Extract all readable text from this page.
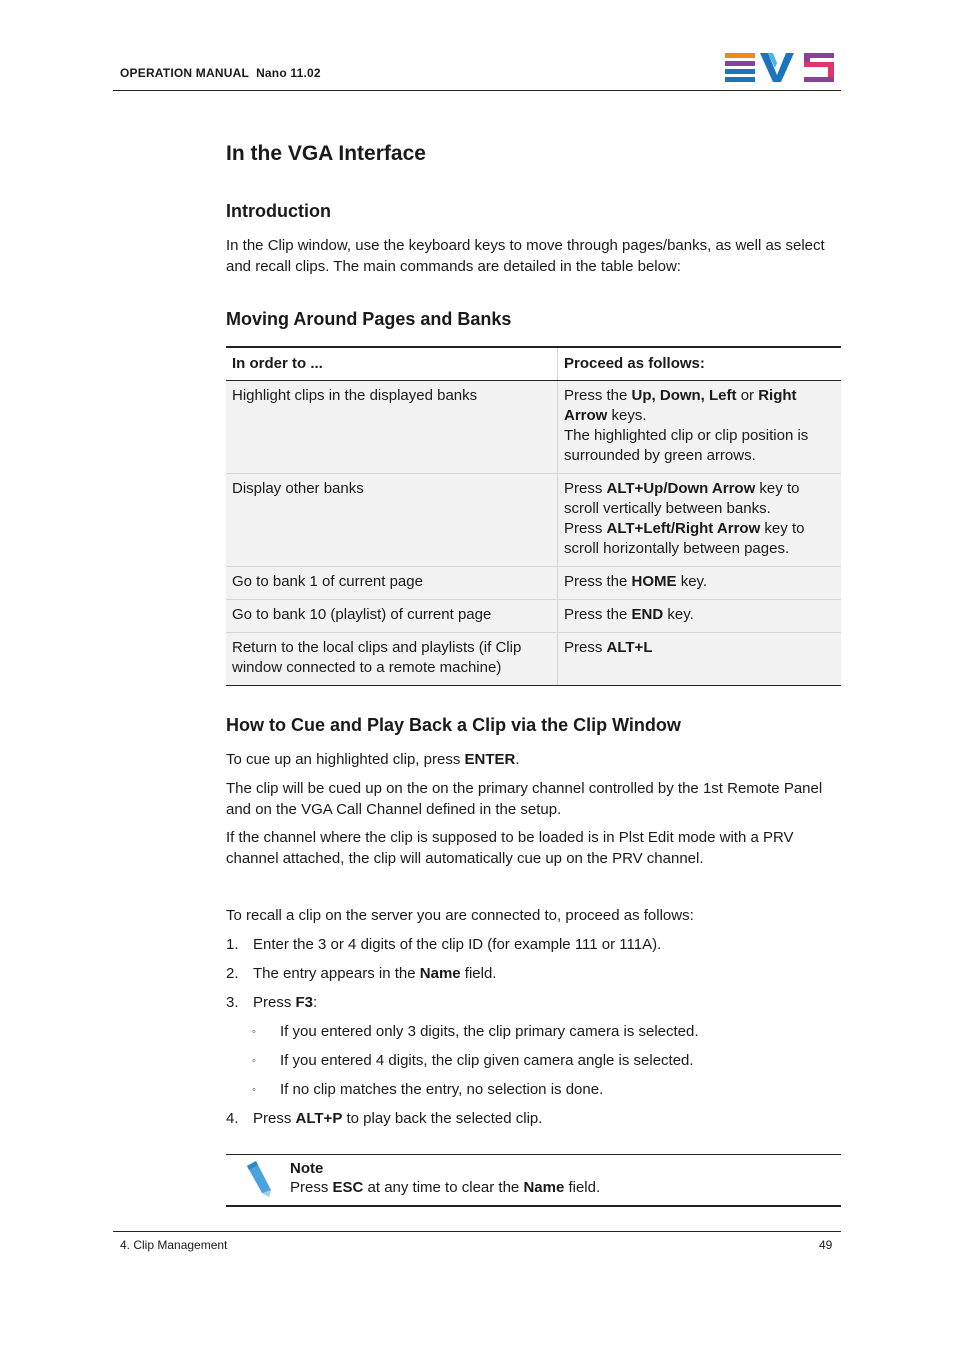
OPERATION MANUAL Nano 11.02
In the VGA Interface
Introduction
In the Clip window, use the keyboard keys to move through pages/banks, as well as select and recall clips. The main commands are detailed in the table below:
Moving Around Pages and Banks
In order to ...	Proceed as follows:
Highlight clips in the displayed banks	Press the Up, Down, Left or Right Arrow keys.
The highlighted clip or clip position is surrounded by green arrows.

Display other banks	Press ALT+Up/Down Arrow key to scroll vertically between banks.
Press ALT+Left/Right Arrow key to scroll horizontally between pages.

Go to bank 1 of current page	Press the HOME key.

Go to bank 10 (playlist) of current page	Press the END key.

Return to the local clips and playlists (if Clip window connected to a remote machine)	Press ALT+L
How to Cue and Play Back a Clip via the Clip Window
To cue up an highlighted clip, press ENTER.
The clip will be cued up on the on the primary channel controlled by the 1st Remote Panel and on the VGA Call Channel defined in the setup.
If the channel where the clip is supposed to be loaded is in Plst Edit mode with a PRV channel attached, the clip will automatically cue up on the PRV channel.
To recall a clip on the server you are connected to, proceed as follows:
1. Enter the 3 or 4 digits of the clip ID (for example 111 or 111A).
2. The entry appears in the Name field.
3. Press F3:
◦ If you entered only 3 digits, the clip primary camera is selected.
◦ If you entered 4 digits, the clip given camera angle is selected.
◦ If no clip matches the entry, no selection is done.
4. Press ALT+P to play back the selected clip.
Note
Press ESC at any time to clear the Name field.
4. Clip Management	49
